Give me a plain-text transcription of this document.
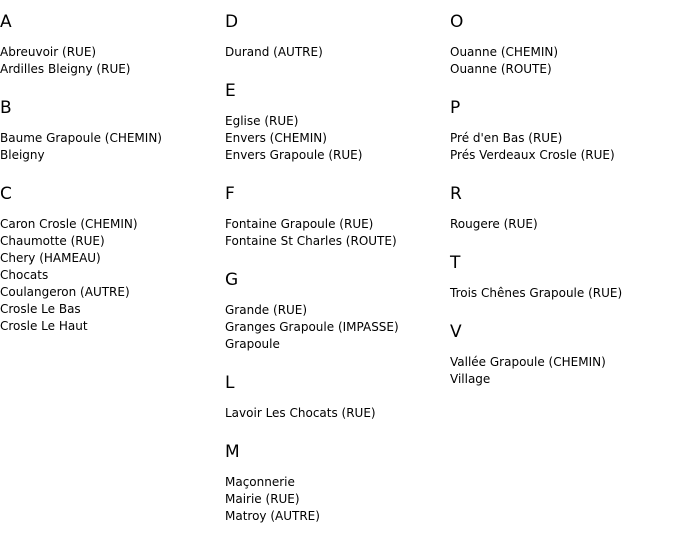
A
Abreuvoir (RUE)
Ardilles Bleigny (RUE)
B
Baume Grapoule (CHEMIN)
Bleigny
C
Caron Crosle (CHEMIN)
Chaumotte (RUE)
Chery (HAMEAU)
Chocats
Coulangeron (AUTRE)
Crosle Le Bas
Crosle Le Haut
D
Durand (AUTRE)
E
Eglise (RUE)
Envers (CHEMIN)
Envers Grapoule (RUE)
F
Fontaine Grapoule (RUE)
Fontaine St Charles (ROUTE)
G
Grande (RUE)
Granges Grapoule (IMPASSE)
Grapoule
L
Lavoir Les Chocats (RUE)
M
Maçonnerie
Mairie (RUE)
Matroy (AUTRE)
O
Ouanne (CHEMIN)
Ouanne (ROUTE)
P
Pré d'en Bas (RUE)
Prés Verdeaux Crosle (RUE)
R
Rougere (RUE)
T
Trois Chênes Grapoule (RUE)
V
Vallée Grapoule (CHEMIN)
Village
